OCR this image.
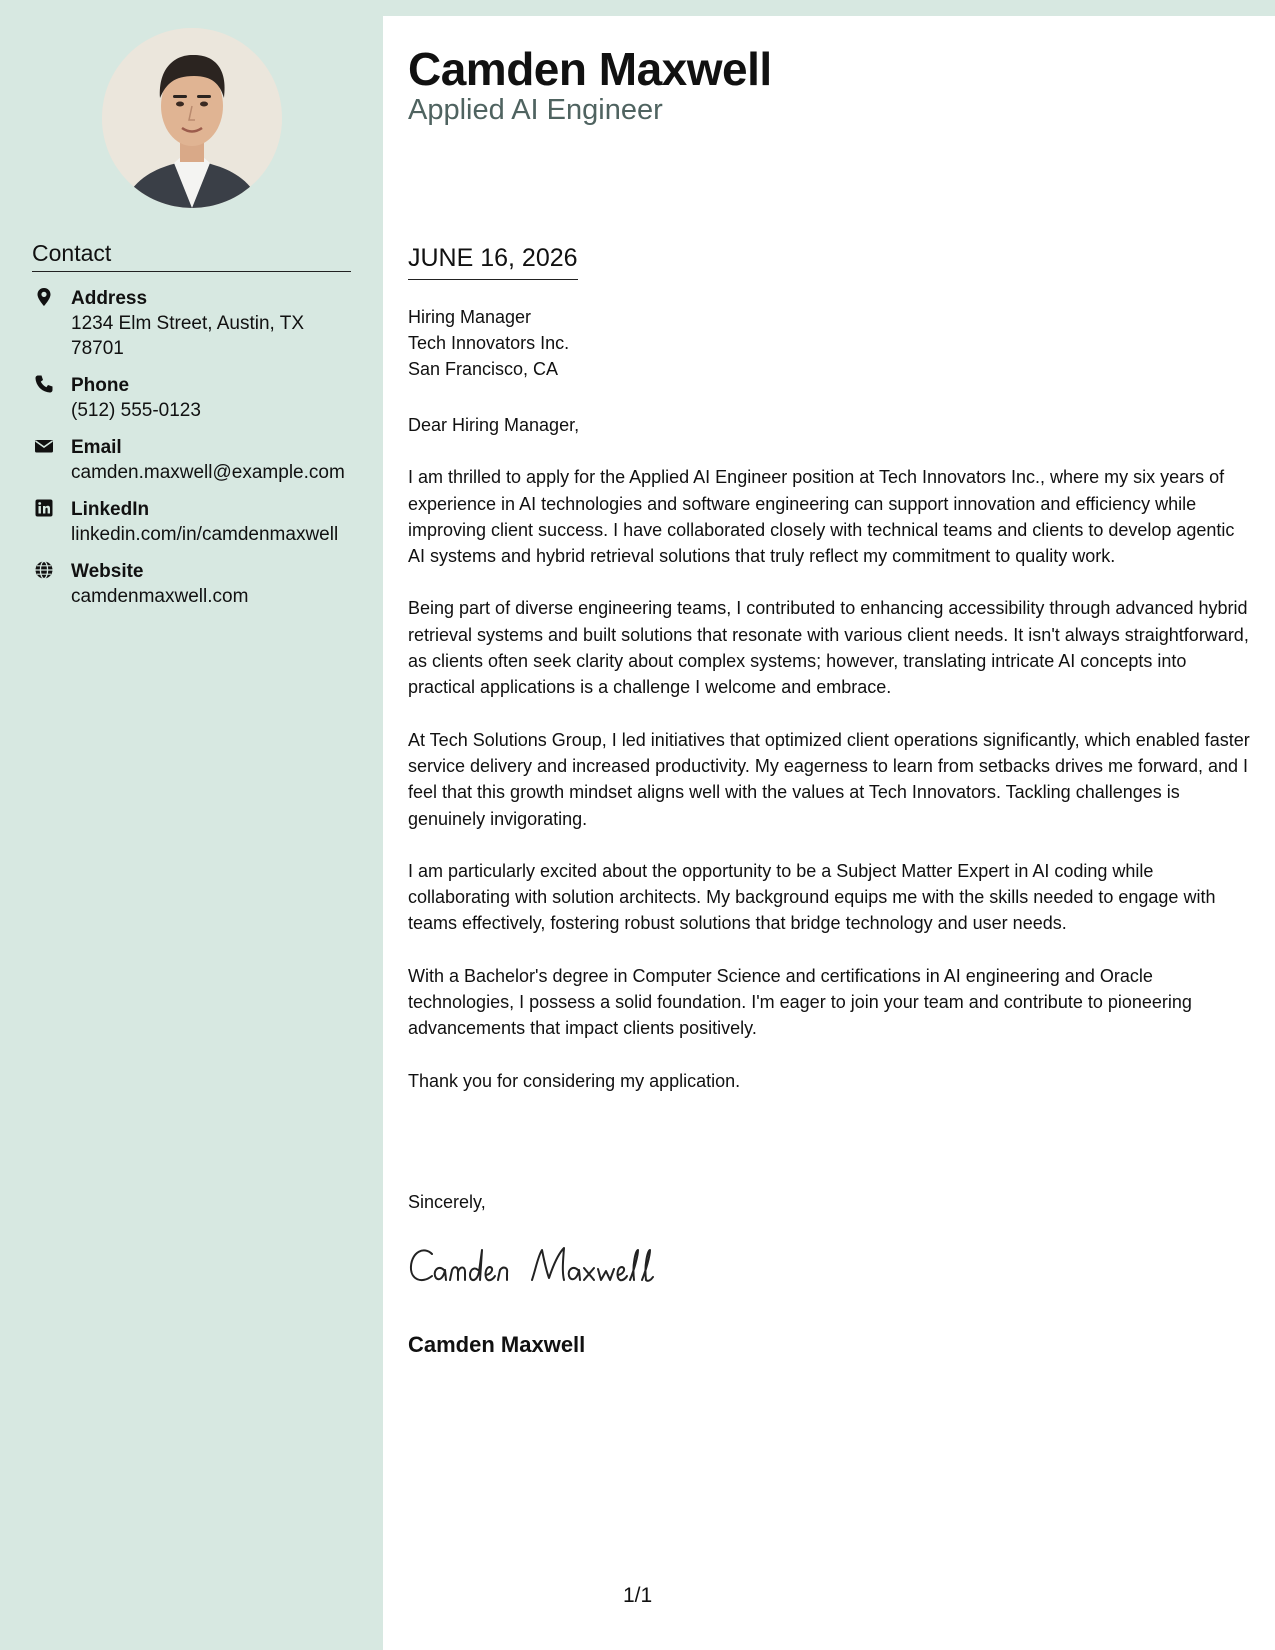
Contact
Address
1234 Elm Street, Austin, TX 78701
Phone
(512) 555-0123
Email
camden.maxwell@example.com
LinkedIn
linkedin.com/in/camdenmaxwell
Website
camdenmaxwell.com
Camden Maxwell
Applied AI Engineer
JUNE 16, 2026
Hiring Manager
Tech Innovators Inc.
San Francisco, CA

Dear Hiring Manager,

I am thrilled to apply for the Applied AI Engineer position at Tech Innovators Inc., where my six years of experience in AI technologies and software engineering can support innovation and efficiency while improving client success. I have collaborated closely with technical teams and clients to develop agentic AI systems and hybrid retrieval solutions that truly reflect my commitment to quality work.

Being part of diverse engineering teams, I contributed to enhancing accessibility through advanced hybrid retrieval systems and built solutions that resonate with various client needs. It isn't always straightforward, as clients often seek clarity about complex systems; however, translating intricate AI concepts into practical applications is a challenge I welcome and embrace.

At Tech Solutions Group, I led initiatives that optimized client operations significantly, which enabled faster service delivery and increased productivity. My eagerness to learn from setbacks drives me forward, and I feel that this growth mindset aligns well with the values at Tech Innovators. Tackling challenges is genuinely invigorating.

I am particularly excited about the opportunity to be a Subject Matter Expert in AI coding while collaborating with solution architects. My background equips me with the skills needed to engage with teams effectively, fostering robust solutions that bridge technology and user needs.

With a Bachelor's degree in Computer Science and certifications in AI engineering and Oracle technologies, I possess a solid foundation. I'm eager to join your team and contribute to pioneering advancements that impact clients positively.

Thank you for considering my application.

Sincerely,
Camden Maxwell
1/1
